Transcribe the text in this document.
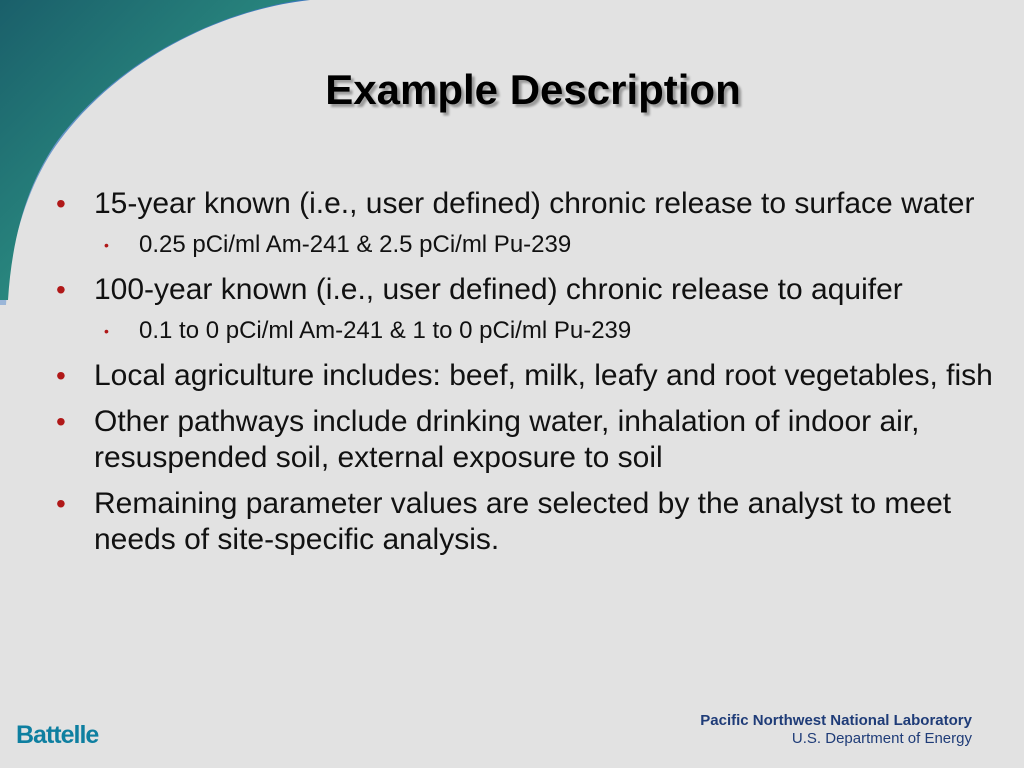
Example Description
• 15-year known (i.e., user defined) chronic release to surface water
• 0.25 pCi/ml Am-241 & 2.5 pCi/ml Pu-239
• 100-year known (i.e., user defined) chronic release to aquifer
• 0.1 to 0 pCi/ml Am-241 & 1 to 0 pCi/ml Pu-239
• Local agriculture includes: beef, milk, leafy and root vegetables, fish
• Other pathways include drinking water, inhalation of indoor air, resuspended soil, external exposure to soil
• Remaining parameter values are selected by the analyst to meet needs of site-specific analysis.
Battelle
Pacific Northwest National Laboratory
U.S. Department of Energy
